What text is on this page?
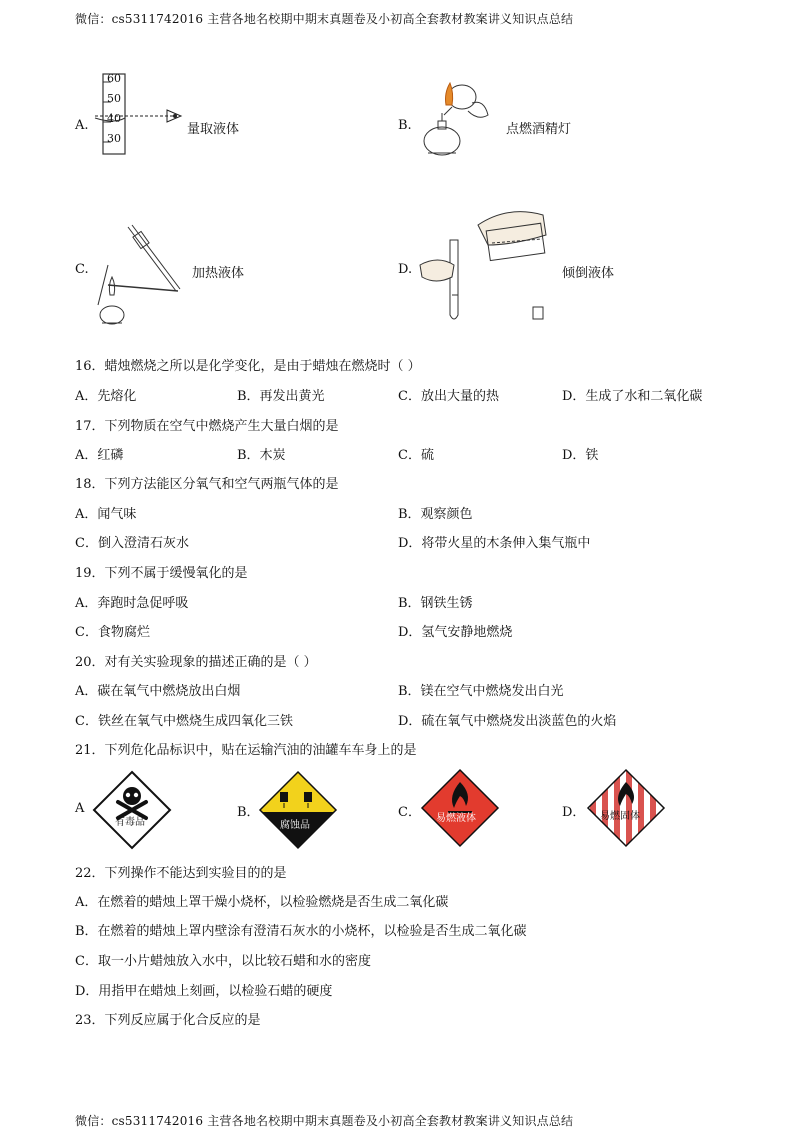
微信：cs5311742016 主营各地名校期中期末真题卷及小初高全套教材教案讲义知识点总结
A.
60
50
40
30
量取液体	B.	点燃酒精灯
C.	加热液体	D.	倾倒液体
16．蜡烛燃烧之所以是化学变化，是由于蜡烛在燃烧时（ ）
A．先熔化	B．再发出黄光	C．放出大量的热	D．生成了水和二氧化碳
17．下列物质在空气中燃烧产生大量白烟的是
A．红磷	B．木炭	C．硫	D．铁
18．下列方法能区分氧气和空气两瓶气体的是
A．闻气味	B．观察颜色
C．倒入澄清石灰水	D．将带火星的木条伸入集气瓶中
19．下列不属于缓慢氧化的是
A．奔跑时急促呼吸	B．钢铁生锈
C．食物腐烂	D．氢气安静地燃烧
20．对有关实验现象的描述正确的是（ ）
A．碳在氧气中燃烧放出白烟	B．镁在空气中燃烧发出白光
C．铁丝在氧气中燃烧生成四氧化三铁	D．硫在氧气中燃烧发出淡蓝色的火焰
21．下列危化品标识中，贴在运输汽油的油罐车车身上的是
A
有毒品
B．
腐蚀品
C． 易燃液体	D． 易燃固体
22．下列操作不能达到实验目的的是
A．在燃着的蜡烛上罩干燥小烧杯，以检验燃烧是否生成二氧化碳
B．在燃着的蜡烛上罩内壁涂有澄清石灰水的小烧杯，以检验是否生成二氧化碳
C．取一小片蜡烛放入水中，以比较石蜡和水的密度
D．用指甲在蜡烛上刻画，以检验石蜡的硬度
23．下列反应属于化合反应的是
微信：cs5311742016 主营各地名校期中期末真题卷及小初高全套教材教案讲义知识点总结
